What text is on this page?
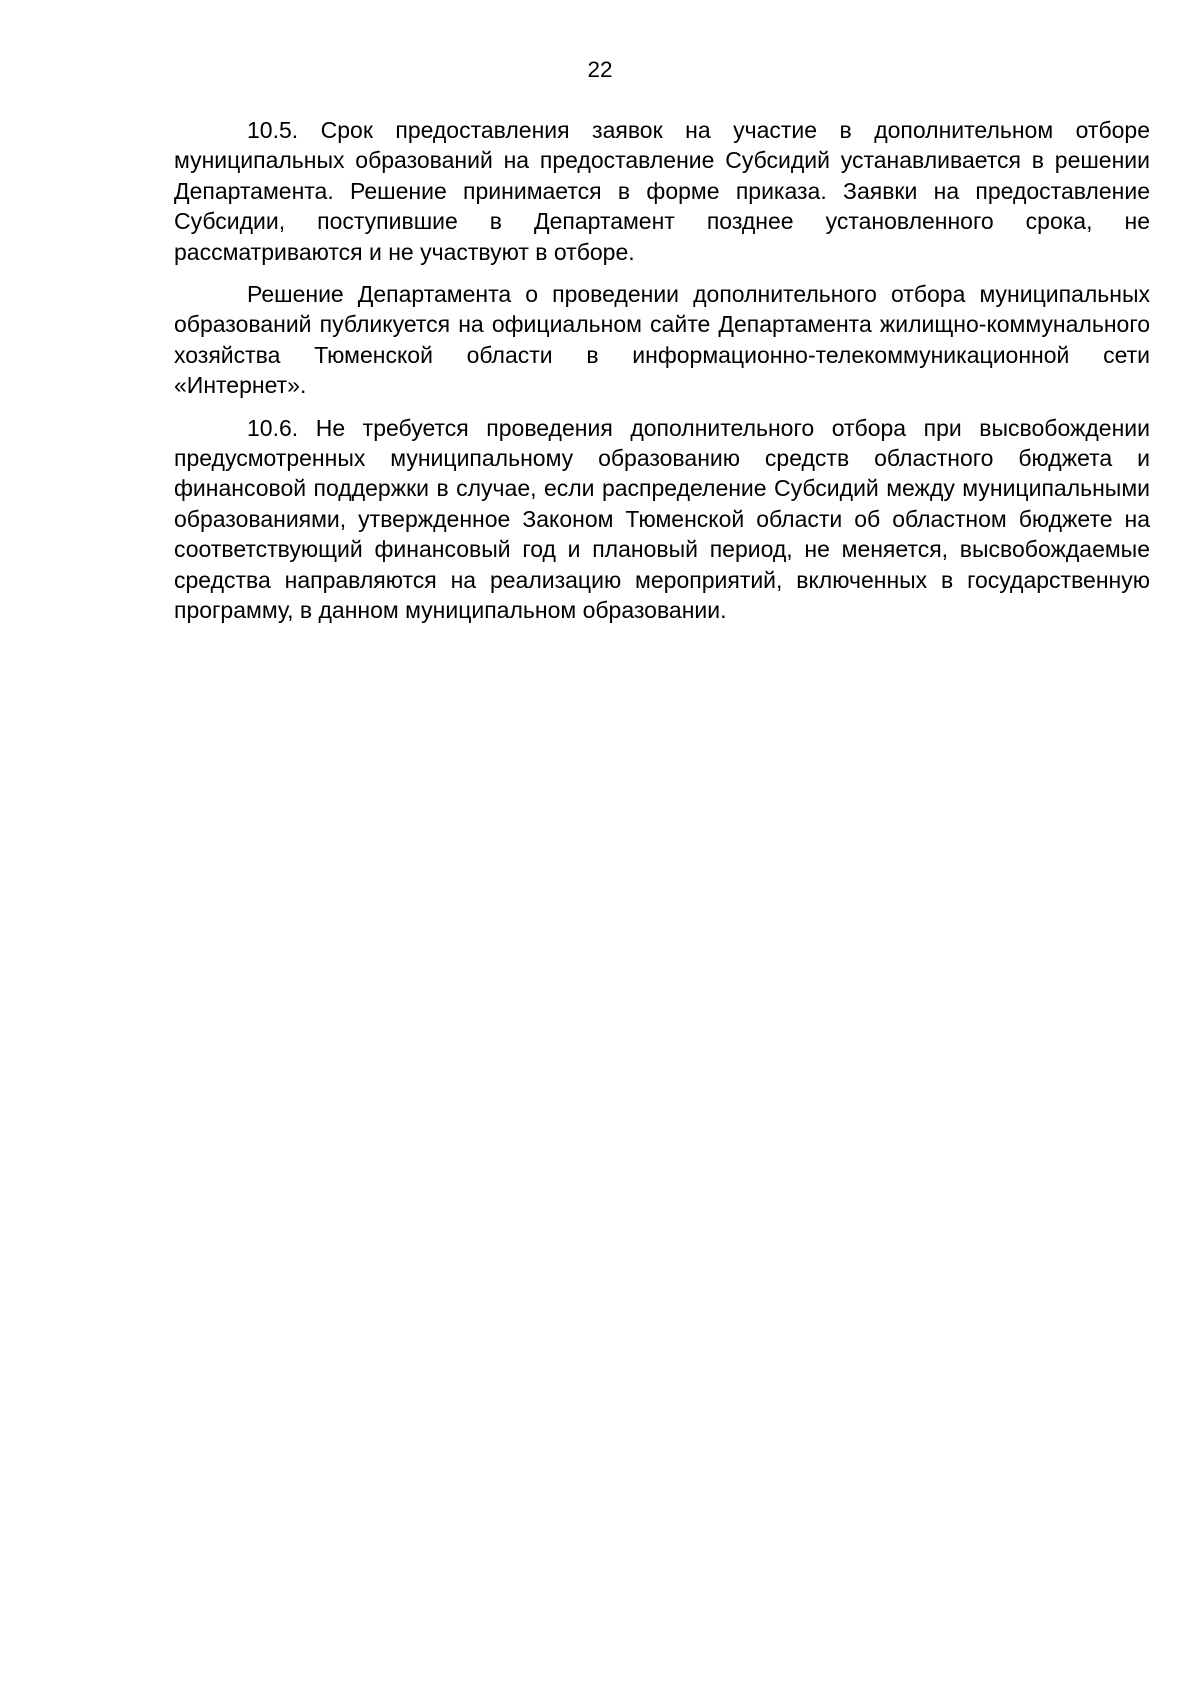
22

10.5. Срок предоставления заявок на участие в дополнительном отборе муниципальных образований на предоставление Субсидий устанавливается в решении Департамента. Решение принимается в форме приказа. Заявки на предоставление Субсидии, поступившие в Департамент позднее установленного срока, не рассматриваются и не участвуют в отборе.

Решение Департамента о проведении дополнительного отбора муниципальных образований публикуется на официальном сайте Департамента жилищно-коммунального хозяйства Тюменской области в информационно-телекоммуникационной сети «Интернет».

10.6. Не требуется проведения дополнительного отбора при высвобождении предусмотренных муниципальному образованию средств областного бюджета и финансовой поддержки в случае, если распределение Субсидий между муниципальными образованиями, утвержденное Законом Тюменской области об областном бюджете на соответствующий финансовый год и плановый период, не меняется, высвобождаемые средства направляются на реализацию мероприятий, включенных в государственную программу, в данном муниципальном образовании.
